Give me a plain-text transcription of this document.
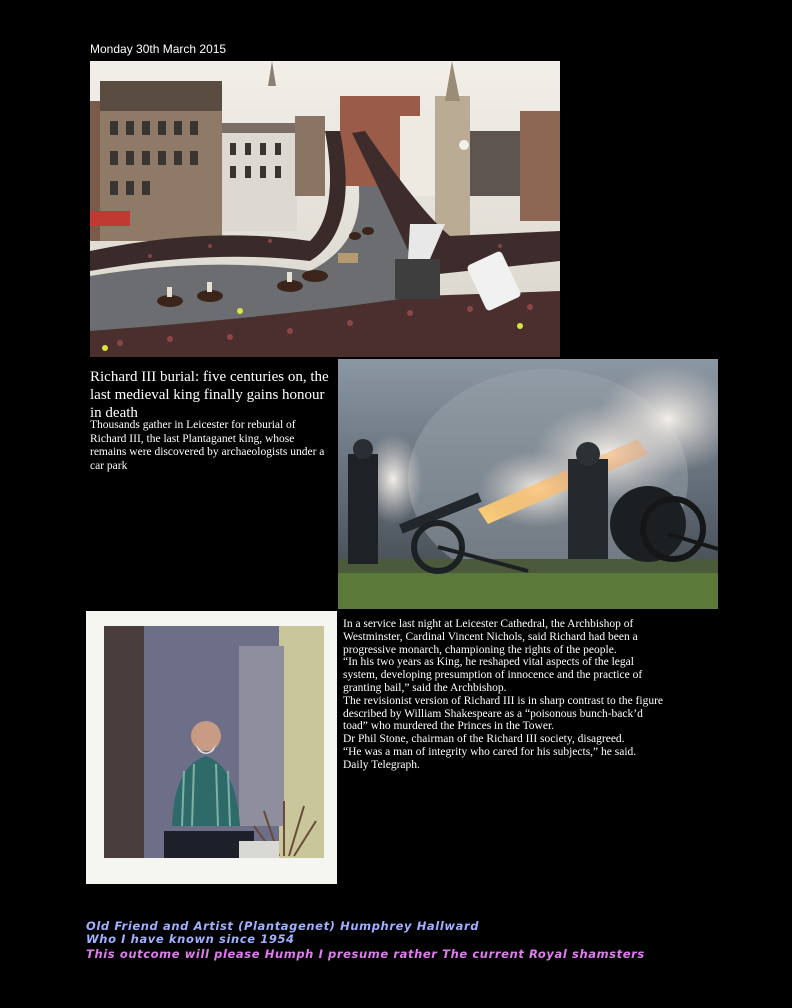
Monday 30th March 2015
Richard III burial: five centuries on, the last medieval king finally gains honour in death
Thousands gather in Leicester for reburial of Richard III, the last Plantaganet king, whose remains were discovered by archaeologists under a car park

In a service last night at Leicester Cathedral, the Archbishop of Westminster, Cardinal Vincent Nichols, said Richard had been a progressive monarch, championing the rights of the people.

“In his two years as King, he reshaped vital aspects of the legal system, developing presumption of innocence and the practice of granting bail,” said the Archbishop.

The revisionist version of Richard III is in sharp contrast to the figure described by William Shakespeare as a “poisonous bunch-back’d toad” who murdered the Princes in the Tower.

Dr Phil Stone, chairman of the Richard III society, disagreed.

“He was a man of integrity who cared for his subjects,” he said.

Daily Telegraph.

Old Friend and Artist (Plantagenet) Humphrey Hallward
Who I have known since 1954
This outcome will please Humph I presume rather The current Royal shamsters
